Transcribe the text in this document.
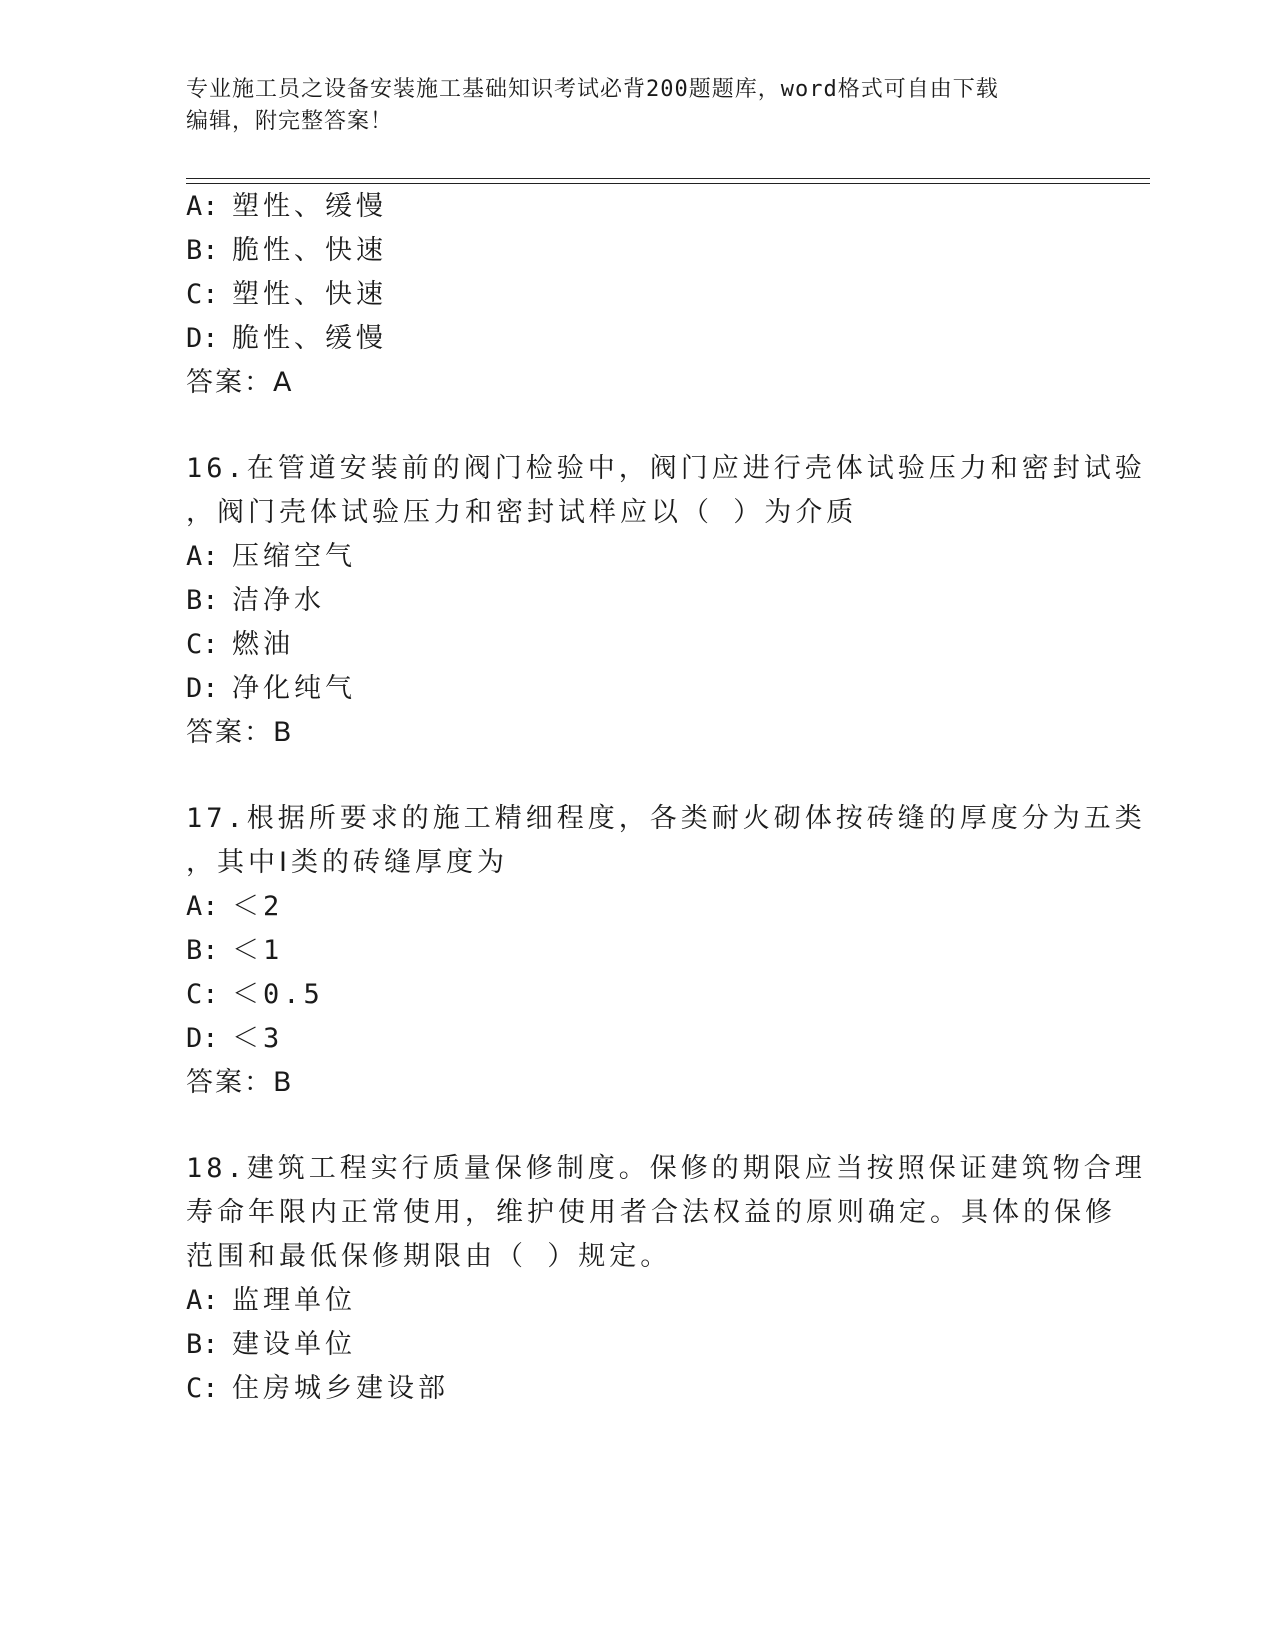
专业施工员之设备安装施工基础知识考试必背200题题库，word格式可自由下载
编辑，附完整答案！
A: 塑性、缓慢
B: 脆性、快速
C: 塑性、快速
D: 脆性、缓慢
答案：A
16.在管道安装前的阀门检验中，阀门应进行壳体试验压力和密封试验
，阀门壳体试验压力和密封试样应以（ ）为介质
A: 压缩空气
B: 洁净水
C: 燃油
D: 净化纯气
答案：B
17.根据所要求的施工精细程度，各类耐火砌体按砖缝的厚度分为五类
，其中Ⅰ类的砖缝厚度为
A: ＜2
B: ＜1
C: ＜0.5
D: ＜3
答案：B
18.建筑工程实行质量保修制度。保修的期限应当按照保证建筑物合理
寿命年限内正常使用，维护使用者合法权益的原则确定。具体的保修
范围和最低保修期限由（ ）规定。
A: 监理单位
B: 建设单位
C: 住房城乡建设部
